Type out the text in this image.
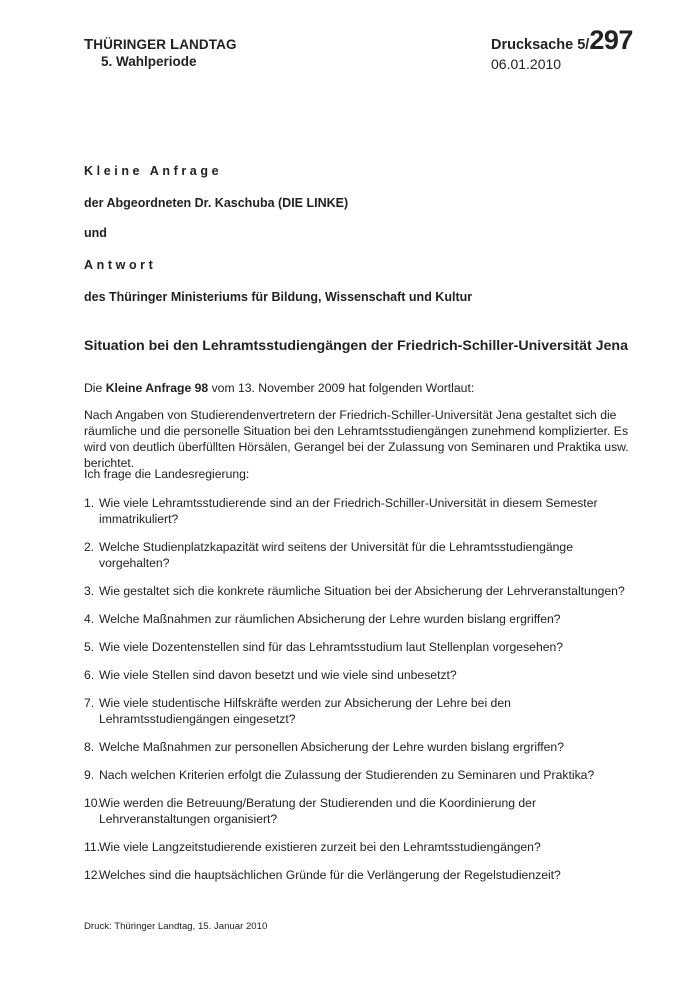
THÜRINGER LANDTAG
5. Wahlperiode
Drucksache 5/297
06.01.2010
Kleine Anfrage
der Abgeordneten Dr. Kaschuba (DIE LINKE)
und
Antwort
des Thüringer Ministeriums für Bildung, Wissenschaft und Kultur
Situation bei den Lehramtsstudiengängen der Friedrich-Schiller-Universität Jena
Die Kleine Anfrage 98 vom 13. November 2009 hat folgenden Wortlaut:
Nach Angaben von Studierendenvertretern der Friedrich-Schiller-Universität Jena gestaltet sich die räumliche und die personelle Situation bei den Lehramtsstudiengängen zunehmend komplizierter. Es wird von deutlich überfüllten Hörsälen, Gerangel bei der Zulassung von Seminaren und Praktika usw. berichtet.
Ich frage die Landesregierung:
1. Wie viele Lehramtsstudierende sind an der Friedrich-Schiller-Universität in diesem Semester immatrikuliert?
2. Welche Studienplatzkapazität wird seitens der Universität für die Lehramtsstudiengänge vorgehalten?
3. Wie gestaltet sich die konkrete räumliche Situation bei der Absicherung der Lehrveranstaltungen?
4. Welche Maßnahmen zur räumlichen Absicherung der Lehre wurden bislang ergriffen?
5. Wie viele Dozentenstellen sind für das Lehramtsstudium laut Stellenplan vorgesehen?
6. Wie viele Stellen sind davon besetzt und wie viele sind unbesetzt?
7. Wie viele studentische Hilfskräfte werden zur Absicherung der Lehre bei den Lehramtsstudiengängen eingesetzt?
8. Welche Maßnahmen zur personellen Absicherung der Lehre wurden bislang ergriffen?
9. Nach welchen Kriterien erfolgt die Zulassung der Studierenden zu Seminaren und Praktika?
10.
Wie werden die Betreuung/Beratung der Studierenden und die Koordinierung der Lehrveranstaltungen organisiert?
11.
Wie viele Langzeitstudierende existieren zurzeit bei den Lehramtsstudiengängen?
12.
Welches sind die hauptsächlichen Gründe für die Verlängerung der Regelstudienzeit?
Druck: Thüringer Landtag, 15. Januar 2010
